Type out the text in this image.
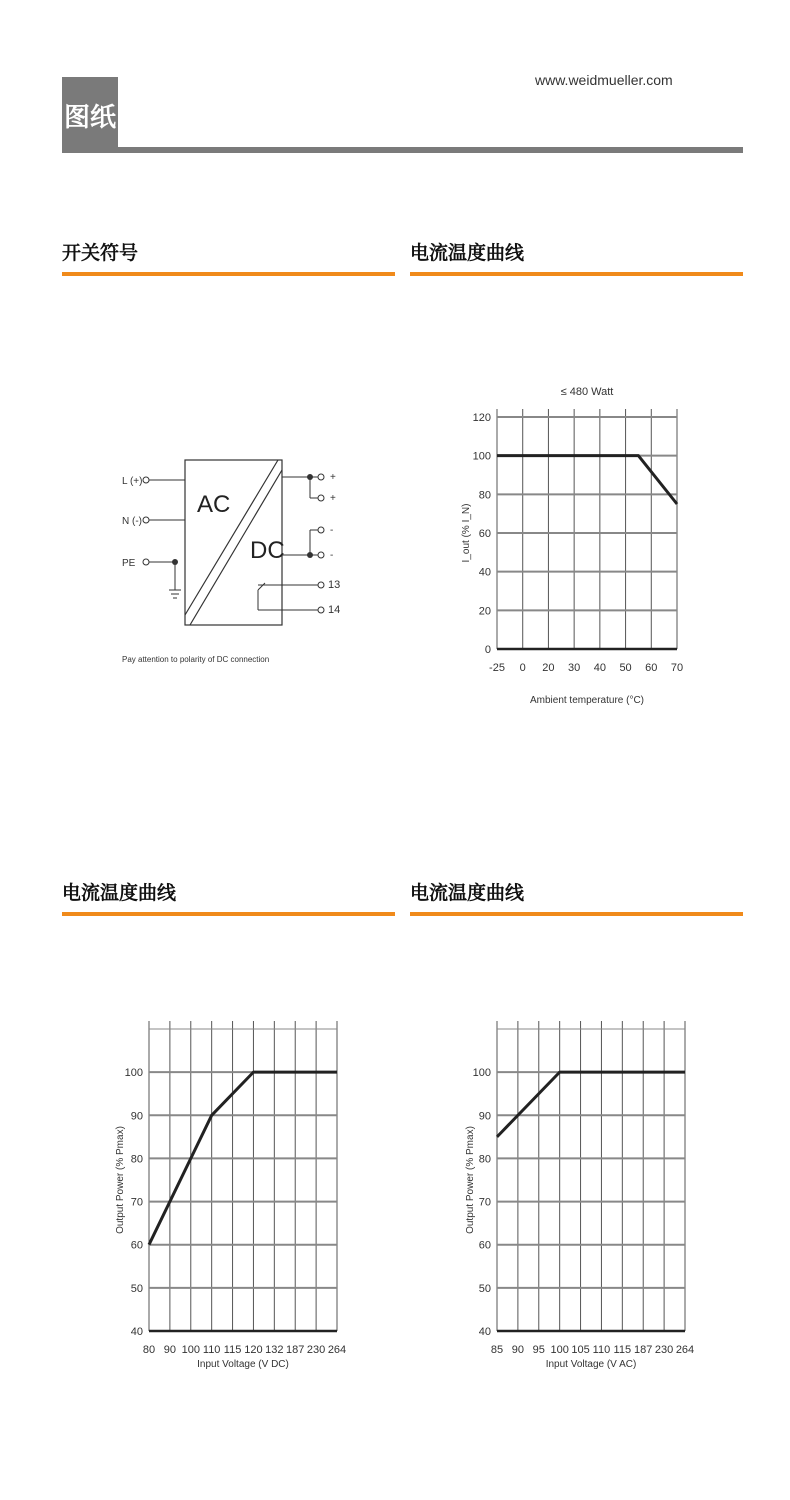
www.weidmueller.com
图纸
开关符号	电流温度曲线
电流温度曲线	电流温度曲线
L (+)
N (-)
PE
AC
DC
+
+
-
-
13
14
Pay attention to polarity of DC connection
-25 0 20 30 40 50 60 70
0
20
40
60
80
100
120
≤ 480 Watt
Ambient temperature (°C)
I_out (% I_N)
80 90 100 110 115 120 132 187 230 264
40
50
60
70
80
90
100
Input Voltage (V DC)
Output Power (% Pmax)
85 90 95 100 105 110 115 187 230 264
40
50
60
70
80
90
100
Input Voltage (V AC)
Output Power (% Pmax)
